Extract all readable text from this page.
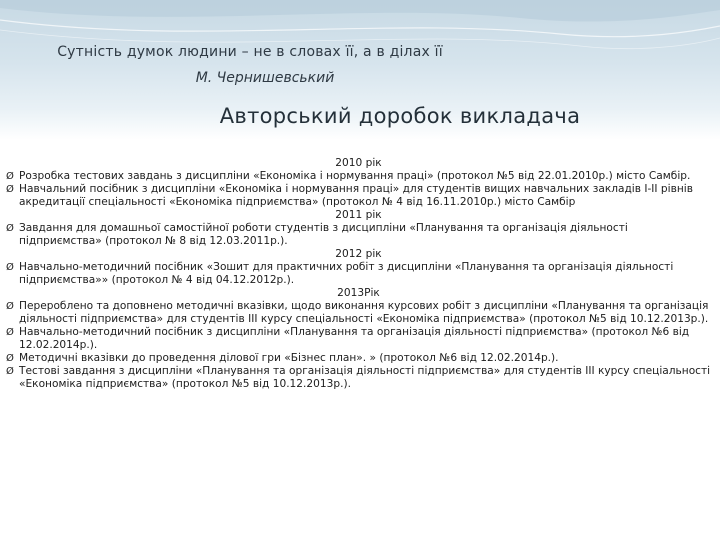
Сутність думок людини – не в словах її, а в ділах її
М. Чернишевський
Авторський доробок викладача
2010 рік
Ø Розробка тестових завдань з дисципліни «Економіка і нормування праці» (протокол №5 від 22.01.2010р.) місто Самбір.
Ø Навчальний посібник з дисципліни «Економіка і нормування праці» для студентів вищих навчальних закладів І-ІІ рівнів акредитації спеціальності «Економіка підприємства» (протокол № 4 від 16.11.2010р.) місто Самбір
2011 рік
Ø Завдання для домашньої самостійної роботи студентів з дисципліни «Планування та організація діяльності підприємства» (протокол № 8 від 12.03.2011р.).
2012 рік
Ø Навчально-методичний посібник «Зошит для практичних робіт з дисципліни «Планування та організація діяльності підприємства»» (протокол № 4 від 04.12.2012р.).
2013Рік
Ø Перероблено та доповнено методичні вказівки, щодо виконання курсових робіт з дисципліни «Планування та організація діяльності підприємства» для студентів ІІІ курсу спеціальності «Економіка підприємства» (протокол №5 від 10.12.2013р.).
Ø Навчально-методичний посібник з дисципліни «Планування та організація діяльності підприємства» (протокол №6 від 12.02.2014р.).
Ø Методичні вказівки до проведення ділової гри «Бізнес план». » (протокол №6 від 12.02.2014р.).
Ø Тестові завдання з дисципліни «Планування та організація діяльності підприємства» для студентів ІІІ курсу спеціальності «Економіка підприємства» (протокол №5 від 10.12.2013р.).
